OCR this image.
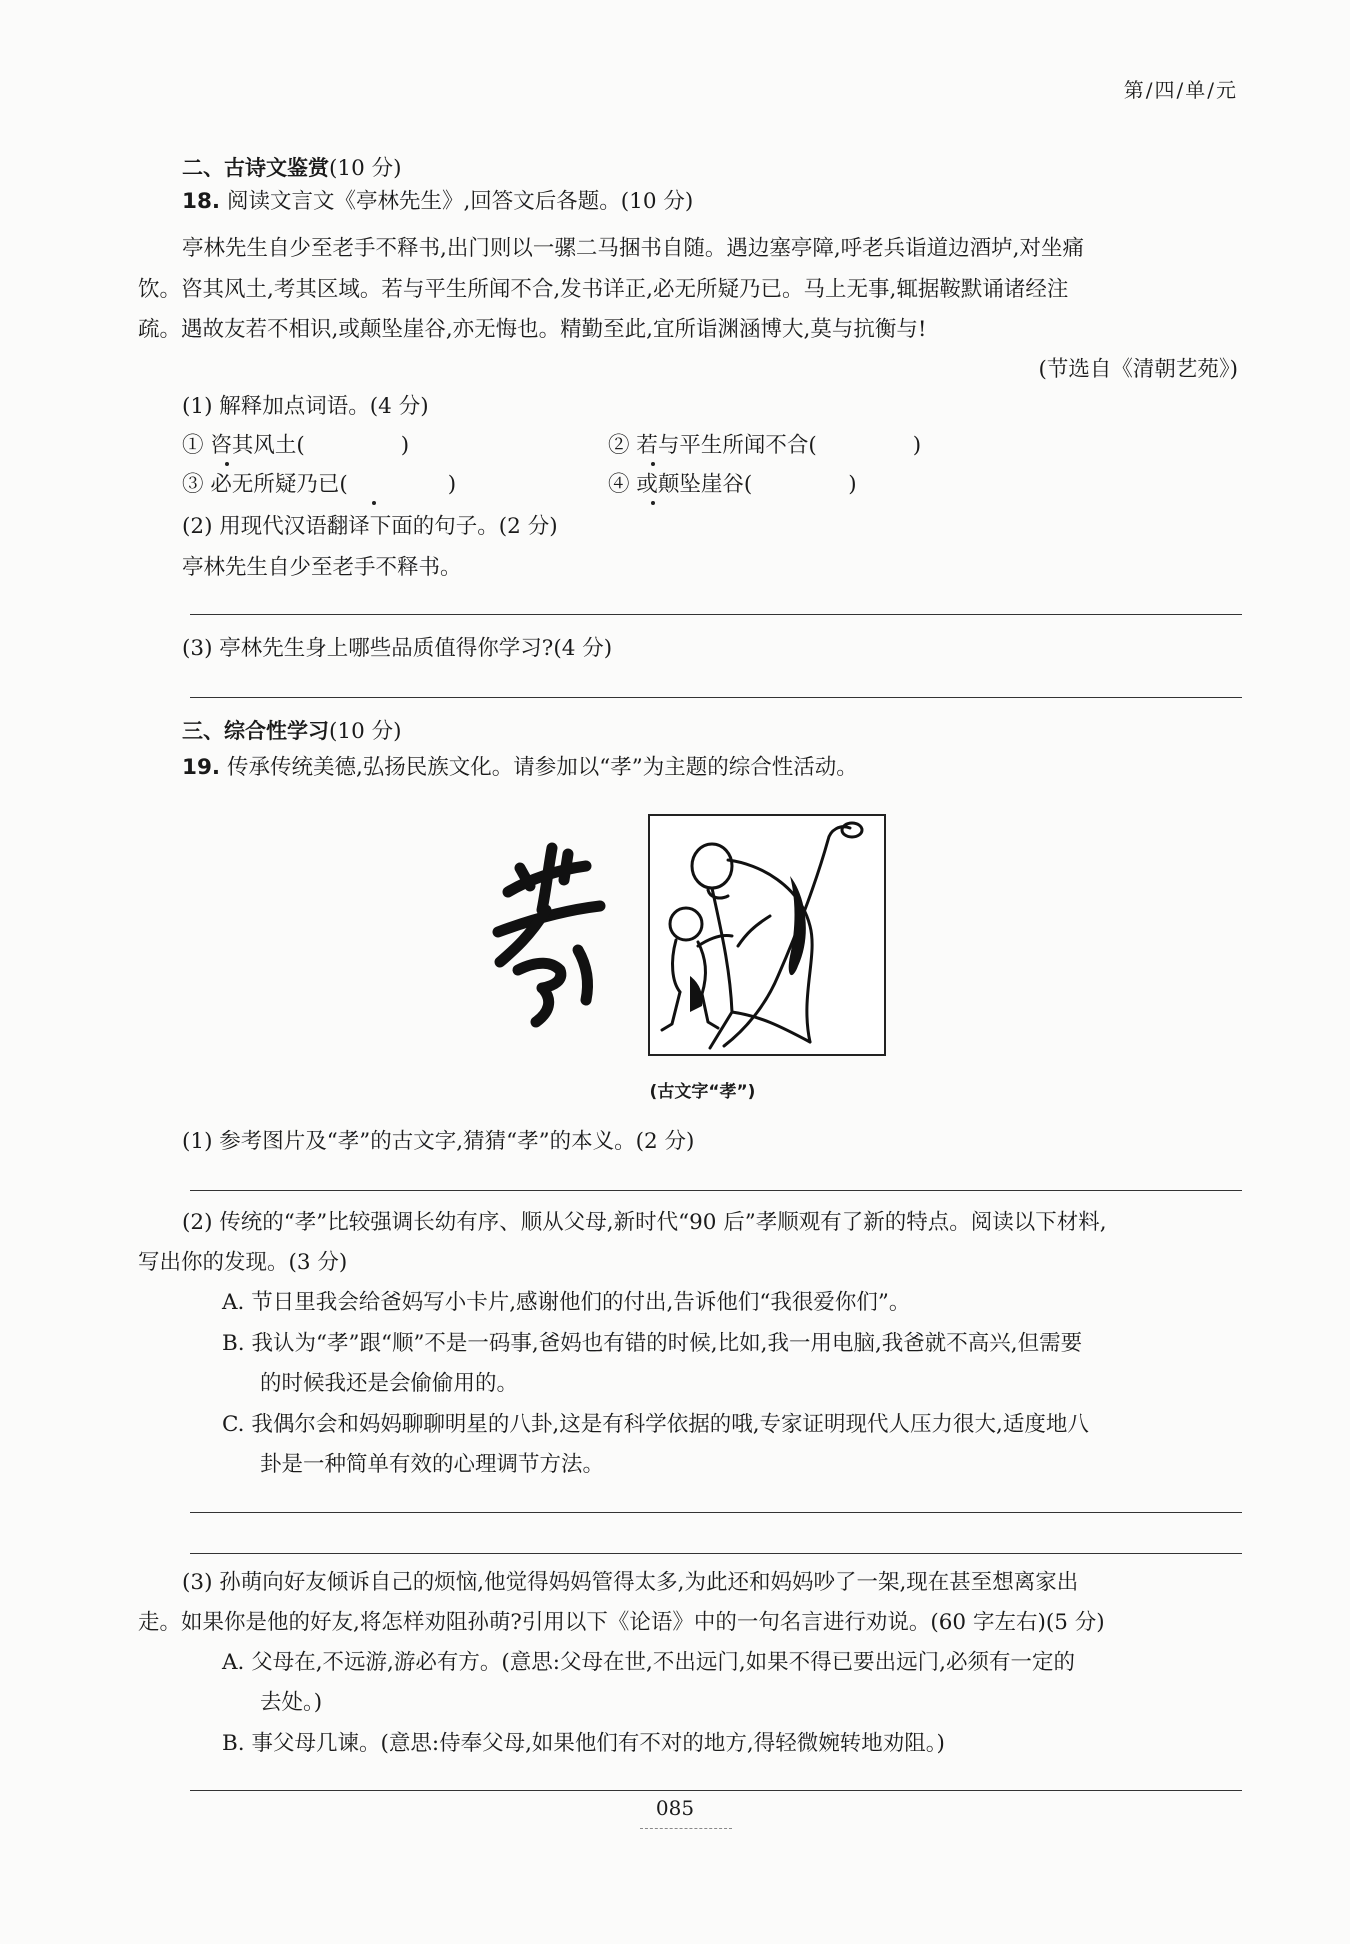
第/四/单/元
二、古诗文鉴赏(10 分)
18. 阅读文言文《亭林先生》,回答文后各题。(10 分)
亭林先生自少至老手不释书,出门则以一骡二马捆书自随。遇边塞亭障,呼老兵诣道边酒垆,对坐痛
饮。咨其风土,考其区域。若与平生所闻不合,发书详正,必无所疑乃已。马上无事,辄据鞍默诵诸经注
疏。遇故友若不相识,或颠坠崖谷,亦无悔也。精勤至此,宜所诣渊涵博大,莫与抗衡与!
(节选自《清朝艺苑》)
(1) 解释加点词语。(4 分)
① 咨其风土(	)	② 若与平生所闻不合(	)
③ 必无所疑乃已(	)	④ 或颠坠崖谷(	)
(2) 用现代汉语翻译下面的句子。(2 分)
亭林先生自少至老手不释书。
(3) 亭林先生身上哪些品质值得你学习?(4 分)
三、综合性学习(10 分)
19. 传承传统美德,弘扬民族文化。请参加以“孝”为主题的综合性活动。
(古文字“孝”)
(1) 参考图片及“孝”的古文字,猜猜“孝”的本义。(2 分)
(2) 传统的“孝”比较强调长幼有序、顺从父母,新时代“90 后”孝顺观有了新的特点。阅读以下材料,
写出你的发现。(3 分)
A. 节日里我会给爸妈写小卡片,感谢他们的付出,告诉他们“我很爱你们”。
B. 我认为“孝”跟“顺”不是一码事,爸妈也有错的时候,比如,我一用电脑,我爸就不高兴,但需要
的时候我还是会偷偷用的。
C. 我偶尔会和妈妈聊聊明星的八卦,这是有科学依据的哦,专家证明现代人压力很大,适度地八
卦是一种简单有效的心理调节方法。
(3) 孙萌向好友倾诉自己的烦恼,他觉得妈妈管得太多,为此还和妈妈吵了一架,现在甚至想离家出
走。如果你是他的好友,将怎样劝阻孙萌?引用以下《论语》中的一句名言进行劝说。(60 字左右)(5 分)
A. 父母在,不远游,游必有方。(意思:父母在世,不出远门,如果不得已要出远门,必须有一定的
去处。)
B. 事父母几谏。(意思:侍奉父母,如果他们有不对的地方,得轻微婉转地劝阻。)
085
